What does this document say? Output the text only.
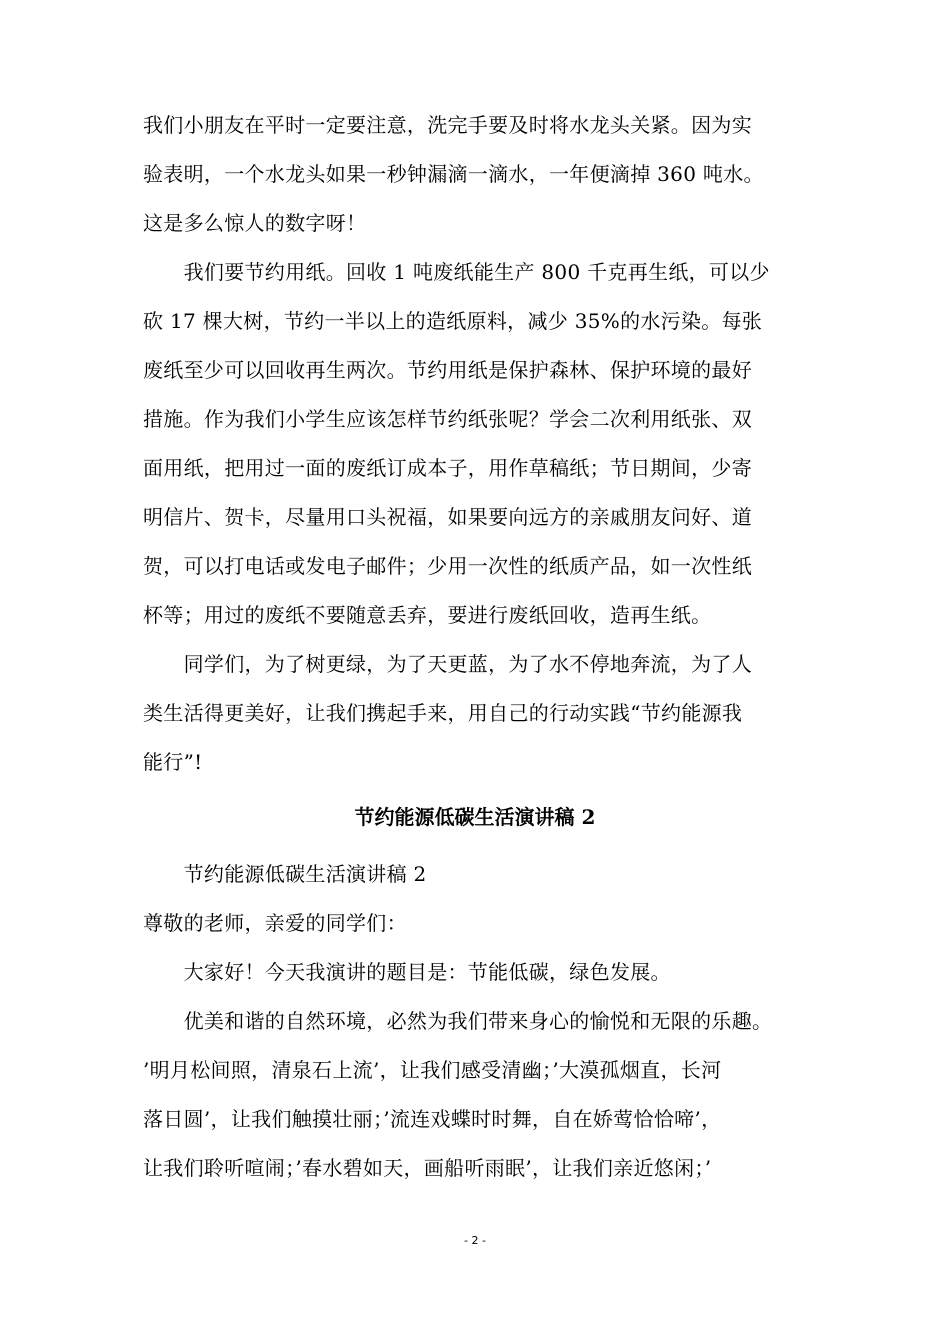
我们小朋友在平时一定要注意，洗完手要及时将水龙头关紧。因为实
验表明，一个水龙头如果一秒钟漏滴一滴水，一年便滴掉 360 吨水。
这是多么惊人的数字呀！
　　我们要节约用纸。回收 1 吨废纸能生产 800 千克再生纸，可以少
砍 17 棵大树，节约一半以上的造纸原料，减少 35%的水污染。每张
废纸至少可以回收再生两次。节约用纸是保护森林、保护环境的最好
措施。作为我们小学生应该怎样节约纸张呢？学会二次利用纸张、双
面用纸，把用过一面的废纸订成本子，用作草稿纸；节日期间，少寄
明信片、贺卡，尽量用口头祝福，如果要向远方的亲戚朋友问好、道
贺，可以打电话或发电子邮件；少用一次性的纸质产品，如一次性纸
杯等；用过的废纸不要随意丢弃，要进行废纸回收，造再生纸。
　　同学们，为了树更绿，为了天更蓝，为了水不停地奔流，为了人
类生活得更美好，让我们携起手来，用自己的行动实践“节约能源我
能行”!
节约能源低碳生活演讲稿 2
　　节约能源低碳生活演讲稿 2
尊敬的老师，亲爱的同学们：
　　大家好！今天我演讲的题目是：节能低碳，绿色发展。
　　优美和谐的自然环境，必然为我们带来身心的愉悦和无限的乐趣。
’明月松间照，清泉石上流’，让我们感受清幽；’大漠孤烟直，长河
落日圆’，让我们触摸壮丽；’流连戏蝶时时舞，自在娇莺恰恰啼’，
让我们聆听喧闹；’春水碧如天，画船听雨眠’，让我们亲近悠闲；’
- 2 -
